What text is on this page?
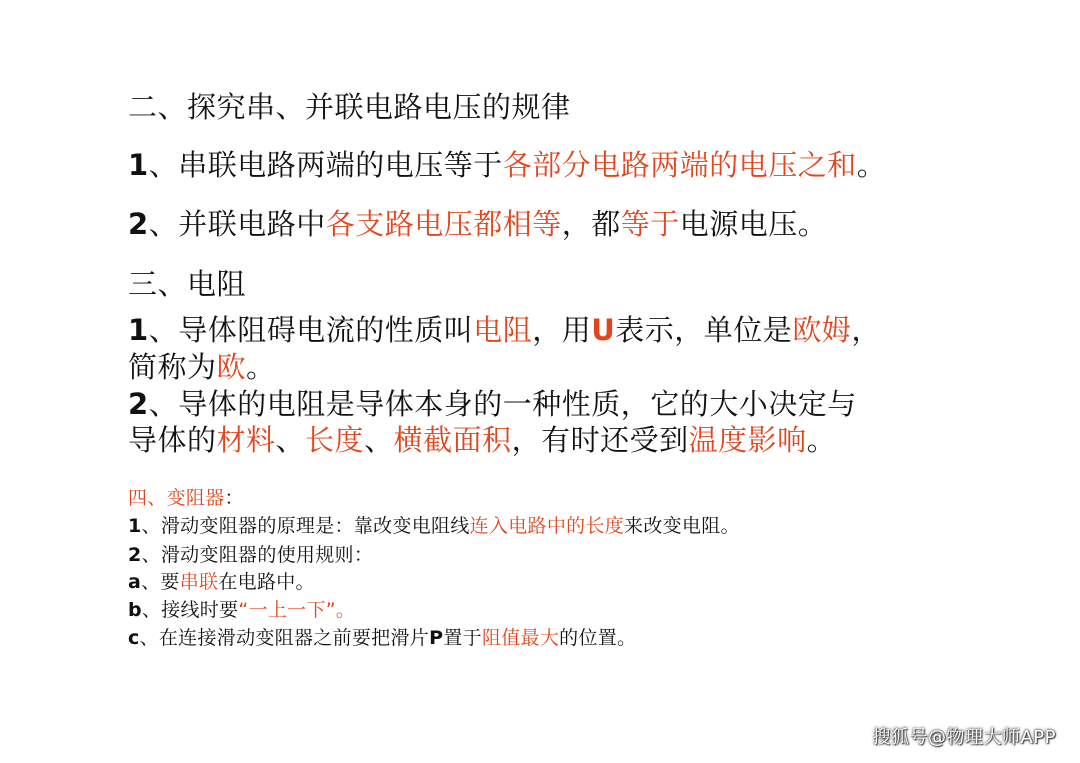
二、探究串、并联电路电压的规律
1、串联电路两端的电压等于各部分电路两端的电压之和。
2、并联电路中各支路电压都相等，都等于电源电压。
三、电阻
1、导体阻碍电流的性质叫电阻，用U表示，单位是欧姆，
简称为欧。
2、导体的电阻是导体本身的一种性质，它的大小决定与
导体的材料、长度、横截面积，有时还受到温度影响。
四、变阻器：
1、滑动变阻器的原理是：靠改变电阻线连入电路中的长度来改变电阻。
2、滑动变阻器的使用规则：
a、要串联在电路中。
b、接线时要“一上一下”。
c、在连接滑动变阻器之前要把滑片P置于阻值最大的位置。
搜狐号@物理大师APP
